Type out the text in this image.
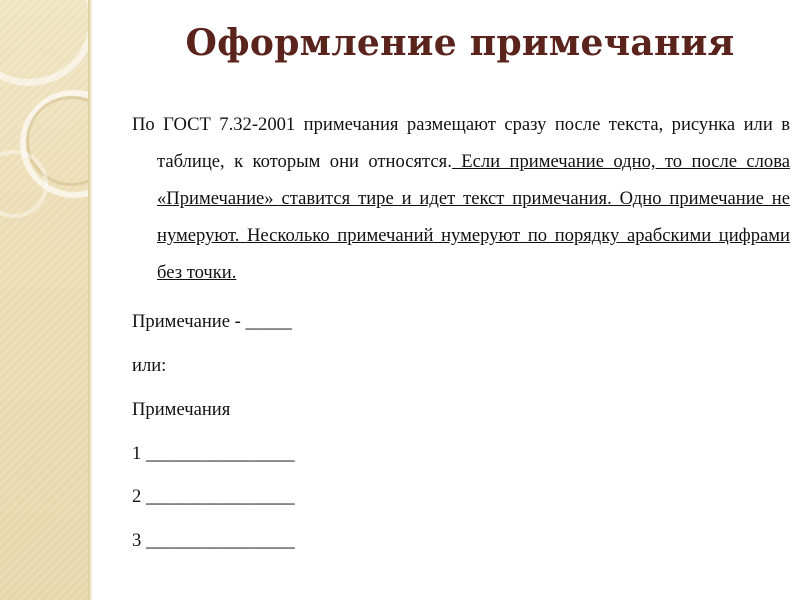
Оформление примечания
По ГОСТ 7.32-2001 примечания размещают сразу после текста, рисунка или в таблице, к которым они относятся. Если примечание одно, то после слова «Примечание» ставится тире и идет текст примечания. Одно примечание не нумеруют. Несколько примечаний нумеруют по порядку арабскими цифрами без точки.
Примечание - _____
или:
Примечания
1 ________________
2 ________________
3 ________________
